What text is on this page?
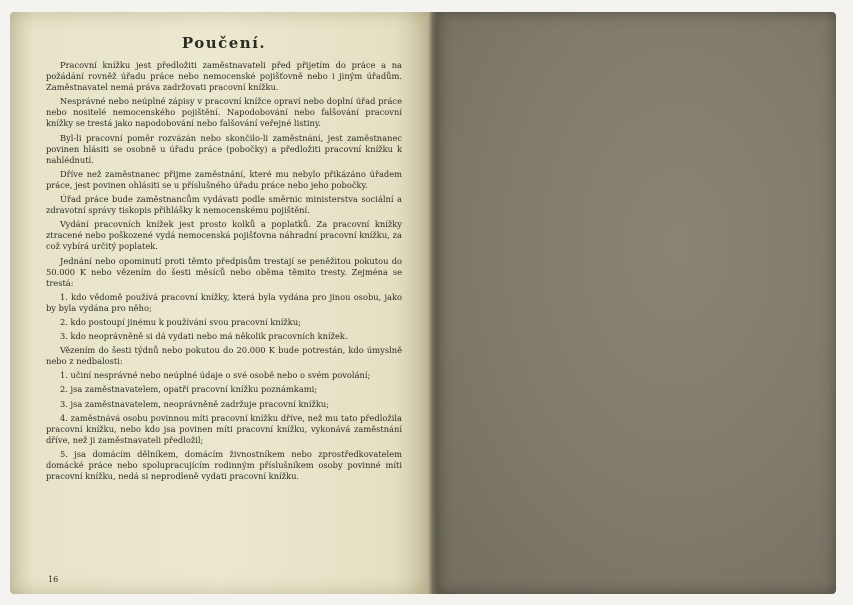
Poučení.

Pracovní knížku jest předložiti zaměstnavateli před přijetím do práce a na požádání rovněž úřadu práce nebo nemocenské pojišťovně nebo i jiným úřadům. Zaměstnavatel nemá práva zadržovati pracovní knížku.

Nesprávné nebo neúplné zápisy v pracovní knížce opraví nebo doplní úřad práce nebo nositelé nemocenského pojištění. Napodobování nebo falšování pracovní knížky se trestá jako napodobování nebo falšování veřejné listiny.

Byl-li pracovní poměr rozvázán nebo skončilo-li zaměstnání, jest zaměstnanec povinen hlásiti se osobně u úřadu práce (pobočky) a předložiti pracovní knížku k nahlédnutí.

Dříve než zaměstnanec přijme zaměstnání, které mu nebylo přikázáno úřadem práce, jest povinen ohlásiti se u příslušného úřadu práce nebo jeho pobočky.

Úřad práce bude zaměstnancům vydávati podle směrnic ministerstva sociální a zdravotní správy tiskopis přihlášky k nemocenskému pojištění.

Vydání pracovních knížek jest prosto kolků a poplatků. Za pracovní knížky ztracené nebo poškozené vydá nemocenská pojišťovna náhradní pracovní knížku, za což vybírá určitý poplatek.

Jednání nebo opominutí proti těmto předpisům trestají se peněžitou pokutou do 50.000 K nebo vězením do šesti měsíců nebo oběma těmito tresty. Zejména se trestá:

1. kdo vědomě používá pracovní knížky, která byla vydána pro jinou osobu, jako by byla vydána pro něho;

2. kdo postoupí jinému k používání svou pracovní knížku;

3. kdo neoprávněně si dá vydati nebo má několik pracovních knížek.

Vězením do šesti týdnů nebo pokutou do 20.000 K bude potrestán, kdo úmyslně nebo z nedbalosti:

1. učiní nesprávné nebo neúplné údaje o své osobě nebo o svém povolání;

2. jsa zaměstnavatelem, opatří pracovní knížku poznámkami;

3. jsa zaměstnavatelem, neoprávněně zadržuje pracovní knížku;

4. zaměstnává osobu povinnou míti pracovní knížku dříve, než mu tato předložila pracovní knížku, nebo kdo jsa povinen míti pracovní knížku, vykonává zaměstnání dříve, než ji zaměstnavateli předložil;

5. jsa domácím dělníkem, domácím živnostníkem nebo zprostředkovatelem domácké práce nebo spolupracujícím rodinným příslušníkem osoby povinné míti pracovní knížku, nedá si neprodleně vydati pracovní knížku.

16
